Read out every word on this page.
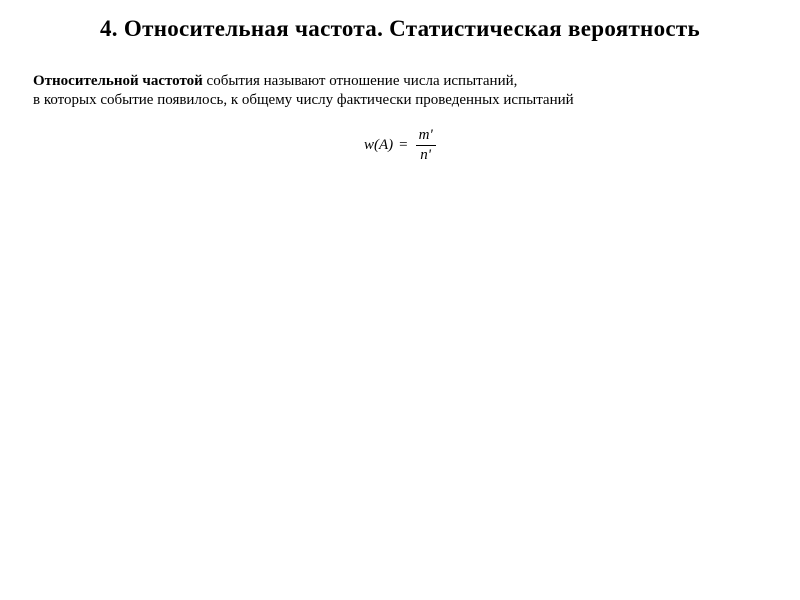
4. Относительная частота. Статистическая вероятность
Относительной частотой события называют отношение числа испытаний,
в которых событие появилось, к общему числу фактически проведенных испытаний
$w(A) = \frac{m'}{n'}$
